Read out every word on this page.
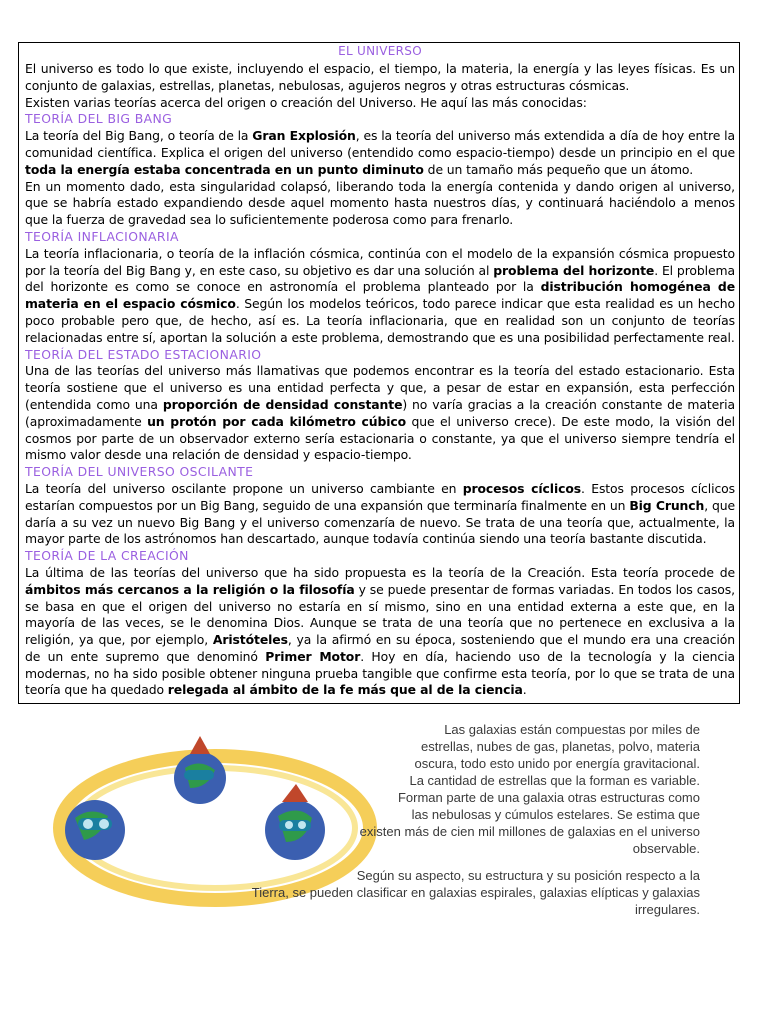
EL UNIVERSO

El universo es todo lo que existe, incluyendo el espacio, el tiempo, la materia, la energía y las leyes físicas. Es un conjunto de galaxias, estrellas, planetas, nebulosas, agujeros negros y otras estructuras cósmicas.

Existen varias teorías acerca del origen o creación del Universo. He aquí las más conocidas:

TEORÍA DEL BIG BANG

La teoría del Big Bang, o teoría de la Gran Explosión, es la teoría del universo más extendida a día de hoy entre la comunidad científica. Explica el origen del universo (entendido como espacio-tiempo) desde un principio en el que toda la energía estaba concentrada en un punto diminuto de un tamaño más pequeño que un átomo.

En un momento dado, esta singularidad colapsó, liberando toda la energía contenida y dando origen al universo, que se habría estado expandiendo desde aquel momento hasta nuestros días, y continuará haciéndolo a menos que la fuerza de gravedad sea lo suficientemente poderosa como para frenarlo.

TEORÍA INFLACIONARIA

La teoría inflacionaria, o teoría de la inflación cósmica, continúa con el modelo de la expansión cósmica propuesto por la teoría del Big Bang y, en este caso, su objetivo es dar una solución al problema del horizonte. El problema del horizonte es como se conoce en astronomía el problema planteado por la distribución homogénea de materia en el espacio cósmico. Según los modelos teóricos, todo parece indicar que esta realidad es un hecho poco probable pero que, de hecho, así es. La teoría inflacionaria, que en realidad son un conjunto de teorías relacionadas entre sí, aportan la solución a este problema, demostrando que es una posibilidad perfectamente real.

TEORÍA DEL ESTADO ESTACIONARIO

Una de las teorías del universo más llamativas que podemos encontrar es la teoría del estado estacionario. Esta teoría sostiene que el universo es una entidad perfecta y que, a pesar de estar en expansión, esta perfección (entendida como una proporción de densidad constante) no varía gracias a la creación constante de materia (aproximadamente un protón por cada kilómetro cúbico que el universo crece). De este modo, la visión del cosmos por parte de un observador externo sería estacionaria o constante, ya que el universo siempre tendría el mismo valor desde una relación de densidad y espacio-tiempo.

TEORÍA DEL UNIVERSO OSCILANTE

La teoría del universo oscilante propone un universo cambiante en procesos cíclicos. Estos procesos cíclicos estarían compuestos por un Big Bang, seguido de una expansión que terminaría finalmente en un Big Crunch, que daría a su vez un nuevo Big Bang y el universo comenzaría de nuevo. Se trata de una teoría que, actualmente, la mayor parte de los astrónomos han descartado, aunque todavía continúa siendo una teoría bastante discutida.

TEORÍA DE LA CREACIÓN

La última de las teorías del universo que ha sido propuesta es la teoría de la Creación. Esta teoría procede de ámbitos más cercanos a la religión o la filosofía y se puede presentar de formas variadas. En todos los casos, se basa en que el origen del universo no estaría en sí mismo, sino en una entidad externa a este que, en la mayoría de las veces, se le denomina Dios. Aunque se trata de una teoría que no pertenece en exclusiva a la religión, ya que, por ejemplo, Aristóteles, ya la afirmó en su época, sosteniendo que el mundo era una creación de un ente supremo que denominó Primer Motor. Hoy en día, haciendo uso de la tecnología y la ciencia modernas, no ha sido posible obtener ninguna prueba tangible que confirme esta teoría, por lo que se trata de una teoría que ha quedado relegada al ámbito de la fe más que al de la ciencia.

Las galaxias están compuestas por miles de
estrellas, nubes de gas, planetas, polvo, materia
oscura, todo esto unido por energía gravitacional.
La cantidad de estrellas que la forman es variable.
Forman parte de una galaxia otras estructuras como
las nebulosas y cúmulos estelares. Se estima que
existen más de cien mil millones de galaxias en el universo
observable.
Según su aspecto, su estructura y su posición respecto a la
Tierra, se pueden clasificar en galaxias espirales, galaxias elípticas y galaxias
irregulares.
